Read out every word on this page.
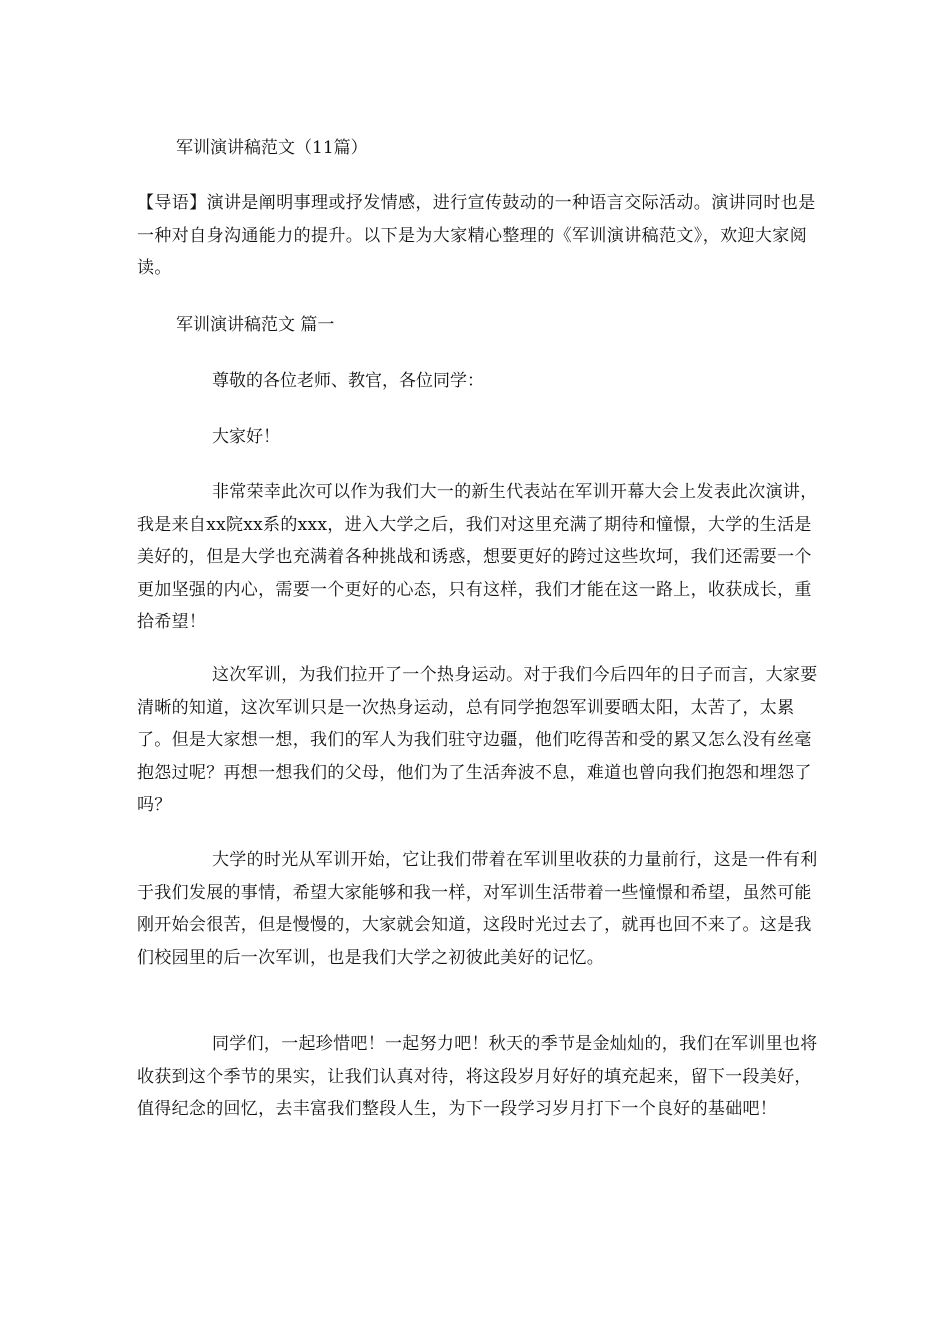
军训演讲稿范文（11篇）

【导语】演讲是阐明事理或抒发情感，进行宣传鼓动的一种语言交际活动。演讲同时也是一种对自身沟通能力的提升。以下是为大家精心整理的《军训演讲稿范文》，欢迎大家阅读。

军训演讲稿范文 篇一

尊敬的各位老师、教官，各位同学：

大家好！

非常荣幸此次可以作为我们大一的新生代表站在军训开幕大会上发表此次演讲，我是来自xx院xx系的xxx，进入大学之后，我们对这里充满了期待和憧憬，大学的生活是美好的，但是大学也充满着各种挑战和诱惑，想要更好的跨过这些坎坷，我们还需要一个更加坚强的内心，需要一个更好的心态，只有这样，我们才能在这一路上，收获成长，重拾希望！

这次军训，为我们拉开了一个热身运动。对于我们今后四年的日子而言，大家要清晰的知道，这次军训只是一次热身运动，总有同学抱怨军训要晒太阳，太苦了，太累了。但是大家想一想，我们的军人为我们驻守边疆，他们吃得苦和受的累又怎么没有丝毫抱怨过呢？再想一想我们的父母，他们为了生活奔波不息，难道也曾向我们抱怨和埋怨了吗？

大学的时光从军训开始，它让我们带着在军训里收获的力量前行，这是一件有利于我们发展的事情，希望大家能够和我一样，对军训生活带着一些憧憬和希望，虽然可能刚开始会很苦，但是慢慢的，大家就会知道，这段时光过去了，就再也回不来了。这是我们校园里的后一次军训，也是我们大学之初彼此美好的记忆。

同学们，一起珍惜吧！一起努力吧！秋天的季节是金灿灿的，我们在军训里也将收获到这个季节的果实，让我们认真对待，将这段岁月好好的填充起来，留下一段美好，值得纪念的回忆，去丰富我们整段人生，为下一段学习岁月打下一个良好的基础吧！
